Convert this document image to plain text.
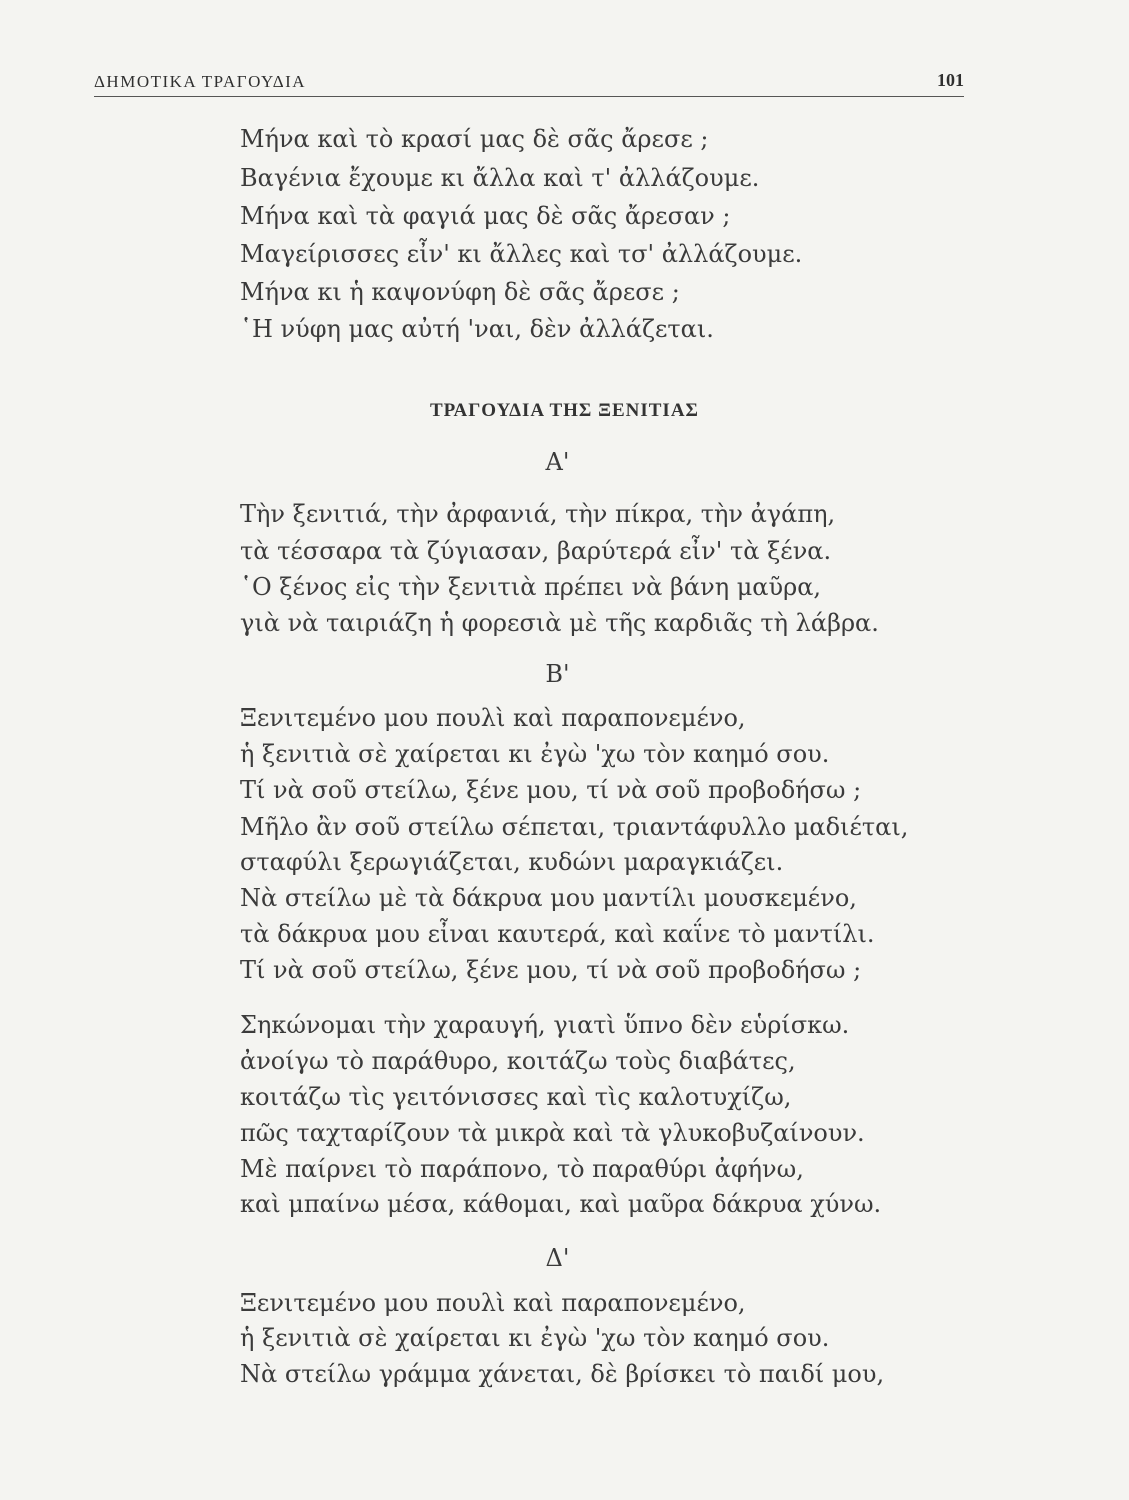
ΔΗΜΟΤΙΚΑ ΤΡΑΓΟΥΔΙΑ	101
Μήνα καὶ τὸ κρασί μας δὲ σᾶς ἄρεσε ;
Βαγένια ἔχουμε κι ἄλλα καὶ τ' ἀλλάζουμε.
Μήνα καὶ τὰ φαγιά μας δὲ σᾶς ἄρεσαν ;
Μαγείρισσες εἶν' κι ἄλλες καὶ τσ' ἀλλάζουμε.
Μήνα κι ἡ καψονύφη δὲ σᾶς ἄρεσε ;
῾Η νύφη μας αὐτή 'ναι, δὲν ἀλλάζεται.
ΤΡΑΓΟΥΔΙΑ ΤΗΣ ΞΕΝΙΤΙΑΣ
Α'
Τὴν ξενιτιά, τὴν ἀρφανιά, τὴν πίκρα, τὴν ἀγάπη,
τὰ τέσσαρα τὰ ζύγιασαν, βαρύτερά εἶν' τὰ ξένα.
῾Ο ξένος εἰς τὴν ξενιτιὰ πρέπει νὰ βάνη μαῦρα,
γιὰ νὰ ταιριάζη ἡ φορεσιὰ μὲ τῆς καρδιᾶς τὴ λάβρα.
Β'
Ξενιτεμένο μου πουλὶ καὶ παραπονεμένο,
ἡ ξενιτιὰ σὲ χαίρεται κι ἐγὼ 'χω τὸν καημό σου.
Τί νὰ σοῦ στείλω, ξένε μου, τί νὰ σοῦ προβοδήσω ;
Μῆλο ἂν σοῦ στείλω σέπεται, τριαντάφυλλο μαδιέται,
σταφύλι ξερωγιάζεται, κυδώνι μαραγκιάζει.
Νὰ στείλω μὲ τὰ δάκρυα μου μαντίλι μουσκεμένο,
τὰ δάκρυα μου εἶναι καυτερά, καὶ καΐνε τὸ μαντίλι.
Τί νὰ σοῦ στείλω, ξένε μου, τί νὰ σοῦ προβοδήσω ;
Σηκώνομαι τὴν χαραυγή, γιατὶ ὕπνο δὲν εὑρίσκω.
ἀνοίγω τὸ παράθυρο, κοιτάζω τοὺς διαβάτες,
κοιτάζω τὶς γειτόνισσες καὶ τὶς καλοτυχίζω,
πῶς ταχταρίζουν τὰ μικρὰ καὶ τὰ γλυκοβυζαίνουν.
Μὲ παίρνει τὸ παράπονο, τὸ παραθύρι ἀφήνω,
καὶ μπαίνω μέσα, κάθομαι, καὶ μαῦρα δάκρυα χύνω.
Δ'
Ξενιτεμένο μου πουλὶ καὶ παραπονεμένο,
ἡ ξενιτιὰ σὲ χαίρεται κι ἐγὼ 'χω τὸν καημό σου.
Νὰ στείλω γράμμα χάνεται, δὲ βρίσκει τὸ παιδί μου,
